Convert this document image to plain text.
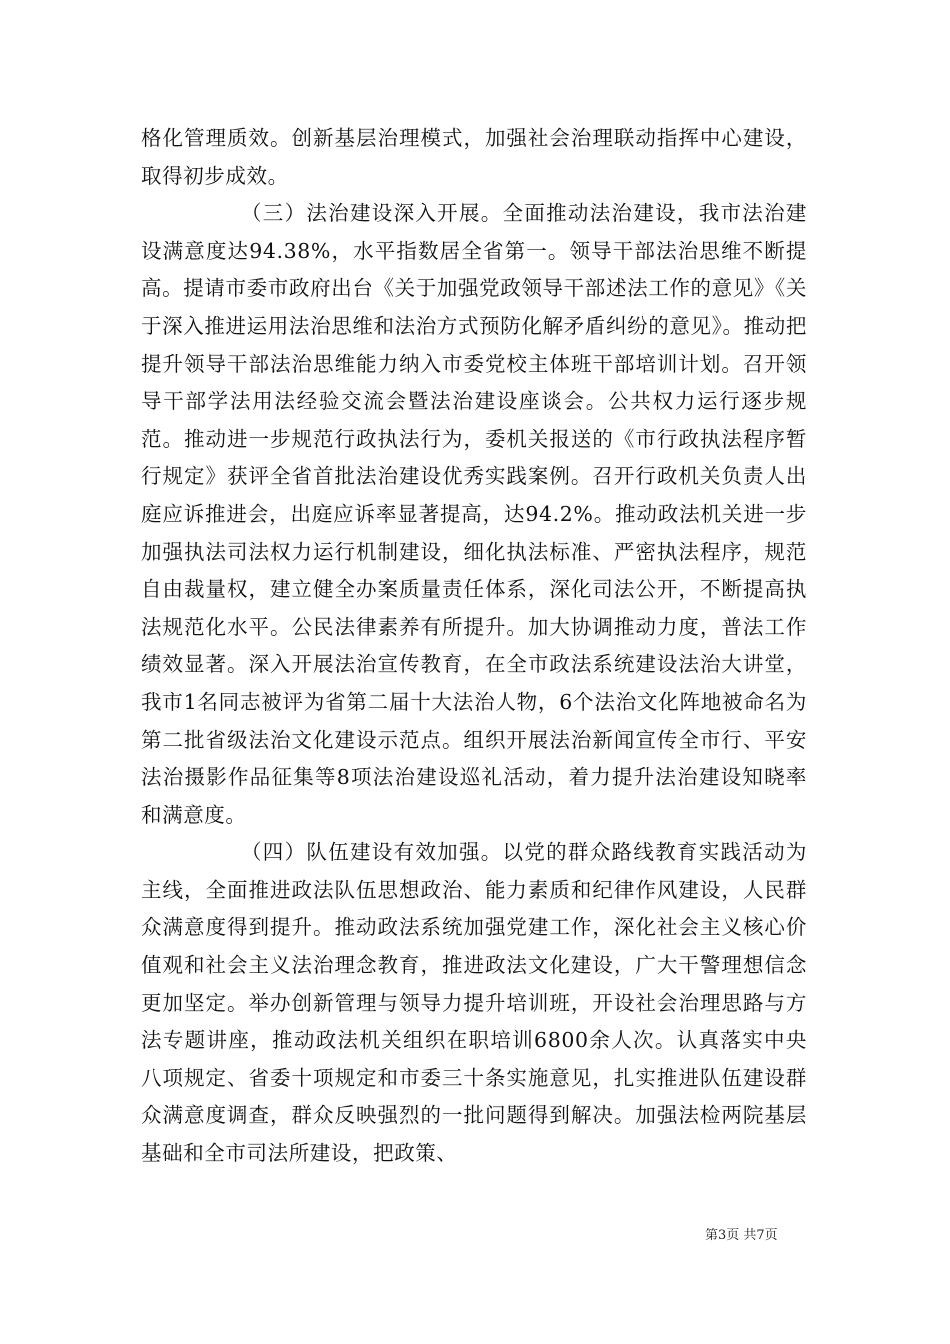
格化管理质效。创新基层治理模式，加强社会治理联动指挥中心建设，取得初步成效。

（三）法治建设深入开展。全面推动法治建设，我市法治建设满意度达94.38%，水平指数居全省第一。领导干部法治思维不断提高。提请市委市政府出台《关于加强党政领导干部述法工作的意见》《关于深入推进运用法治思维和法治方式预防化解矛盾纠纷的意见》。推动把提升领导干部法治思维能力纳入市委党校主体班干部培训计划。召开领导干部学法用法经验交流会暨法治建设座谈会。公共权力运行逐步规范。推动进一步规范行政执法行为，委机关报送的《市行政执法程序暂行规定》获评全省首批法治建设优秀实践案例。召开行政机关负责人出庭应诉推进会，出庭应诉率显著提高，达94.2%。推动政法机关进一步加强执法司法权力运行机制建设，细化执法标准、严密执法程序，规范自由裁量权，建立健全办案质量责任体系，深化司法公开，不断提高执法规范化水平。公民法律素养有所提升。加大协调推动力度，普法工作绩效显著。深入开展法治宣传教育，在全市政法系统建设法治大讲堂，我市1名同志被评为省第二届十大法治人物，6个法治文化阵地被命名为第二批省级法治文化建设示范点。组织开展法治新闻宣传全市行、平安法治摄影作品征集等8项法治建设巡礼活动，着力提升法治建设知晓率和满意度。

（四）队伍建设有效加强。以党的群众路线教育实践活动为主线，全面推进政法队伍思想政治、能力素质和纪律作风建设，人民群众满意度得到提升。推动政法系统加强党建工作，深化社会主义核心价值观和社会主义法治理念教育，推进政法文化建设，广大干警理想信念更加坚定。举办创新管理与领导力提升培训班，开设社会治理思路与方法专题讲座，推动政法机关组织在职培训6800余人次。认真落实中央八项规定、省委十项规定和市委三十条实施意见，扎实推进队伍建设群众满意度调查，群众反映强烈的一批问题得到解决。加强法检两院基层基础和全市司法所建设，把政策、

第3页 共7页
